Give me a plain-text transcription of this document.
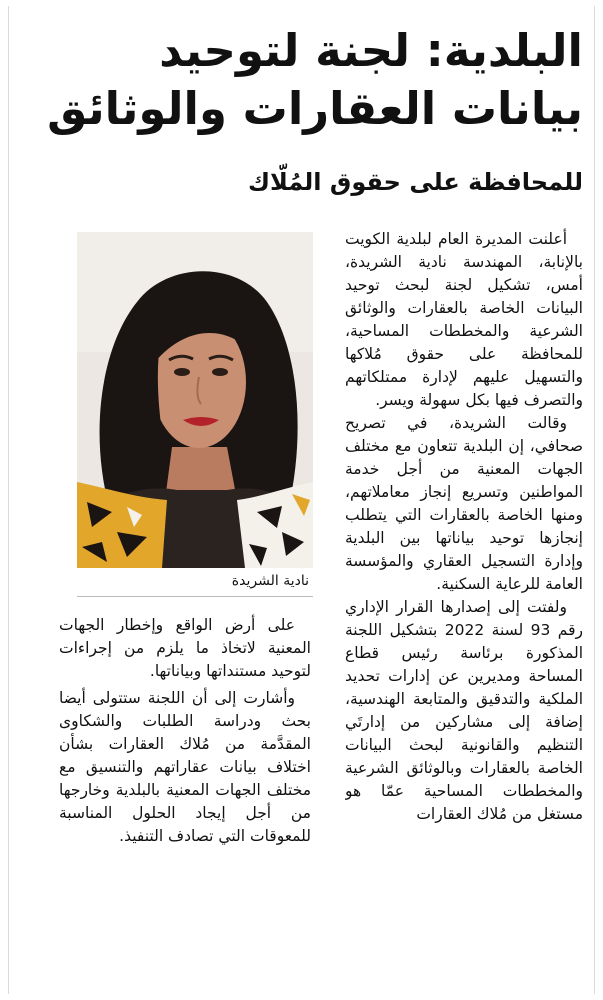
البلدية: لجنة لتوحيد
بيانات العقارات والوثائق
للمحافظة على حقوق المُلّاك

أعلنت المديرة العام لبلدية الكويت بالإنابة، المهندسة نادية الشريدة، أمس، تشكيل لجنة لبحث توحيد البيانات الخاصة بالعقارات والوثائق الشرعية والمخططات المساحية، للمحافظة على حقوق مُلاكها والتسهيل عليهم لإدارة ممتلكاتهم والتصرف فيها بكل سهولة ويسر.

وقالت الشريدة، في تصريح صحافي، إن البلدية تتعاون مع مختلف الجهات المعنية من أجل خدمة المواطنين وتسريع إنجاز معاملاتهم، ومنها الخاصة بالعقارات التي يتطلب إنجازها توحيد بياناتها بين البلدية وإدارة التسجيل العقاري والمؤسسة العامة للرعاية السكنية.

ولفتت إلى إصدارها القرار الإداري رقم 93 لسنة 2022 بتشكيل اللجنة المذكورة برئاسة رئيس قطاع المساحة ومديرين عن إدارات تحديد الملكية والتدقيق والمتابعة الهندسية، إضافة إلى مشاركين من إدارتَي التنظيم والقانونية لبحث البيانات الخاصة بالعقارات وبالوثائق الشرعية والمخططات المساحية عمّا هو مستغل من مُلاك العقارات

نادية الشريدة

على أرض الواقع وإخطار الجهات المعنية لاتخاذ ما يلزم من إجراءات لتوحيد مستنداتها وبياناتها.

وأشارت إلى أن اللجنة ستتولى أيضا بحث ودراسة الطلبات والشكاوى المقدَّمة من مُلاك العقارات بشأن اختلاف بيانات عقاراتهم والتنسيق مع مختلف الجهات المعنية بالبلدية وخارجها من أجل إيجاد الحلول المناسبة للمعوقات التي تصادف التنفيذ.
